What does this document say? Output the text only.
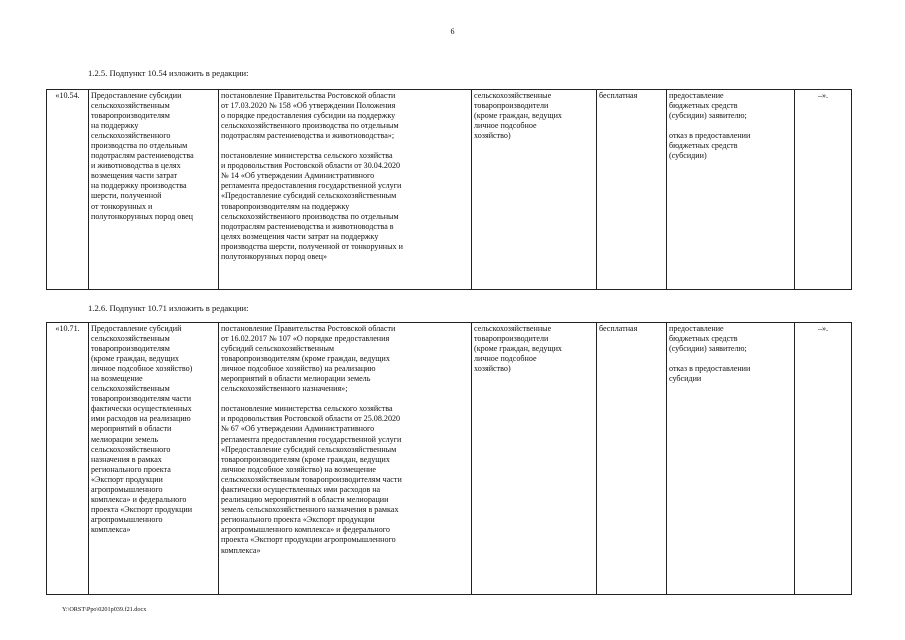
6
1.2.5. Подпункт 10.54 изложить в редакции:
«10.54.	Предоставление субсидии
сельскохозяйственным
товаропроизводителям
на поддержку
сельскохозяйственного
производства по отдельным
подотраслям растениеводства
и животноводства в целях
возмещения части затрат
на поддержку производства
шерсти, полученной
от тонкорунных и
полутонкорунных пород овец	постановление Правительства Ростовской области
от 17.03.2020 № 158 «Об утверждении Положения
о порядке предоставления субсидии на поддержку
сельскохозяйственного производства по отдельным
подотраслям растениеводства и животноводства»;

постановление министерства сельского хозяйства
и продовольствия Ростовской области от 30.04.2020
№ 14 «Об утверждении Административного
регламента предоставления государственной услуги
«Предоставление субсидий сельскохозяйственным
товаропроизводителям на поддержку
сельскохозяйственного производства по отдельным
подотраслям растениеводства и животноводства в
целях возмещения части затрат на поддержку
производства шерсти, полученной от тонкорунных и
полутонкорунных пород овец»	сельскохозяйственные
товаропроизводители
(кроме граждан, ведущих
личное подсобное
хозяйство)	бесплатная	предоставление
бюджетных средств
(субсидии) заявителю;

отказ в предоставлении
бюджетных средств
(субсидии)	–».
1.2.6. Подпункт 10.71 изложить в редакции:
«10.71.	Предоставление субсидий
сельскохозяйственным
товаропроизводителям
(кроме граждан, ведущих
личное подсобное хозяйство)
на возмещение
сельскохозяйственным
товаропроизводителям части
фактически осуществленных
ими расходов на реализацию
мероприятий в области
мелиорации земель
сельскохозяйственного
назначения в рамках
регионального проекта
«Экспорт продукции
агропромышленного
комплекса» и федерального
проекта «Экспорт продукции
агропромышленного
комплекса»	постановление Правительства Ростовской области
от 16.02.2017 № 107 «О порядке предоставления
субсидий сельскохозяйственным
товаропроизводителям (кроме граждан, ведущих
личное подсобное хозяйство) на реализацию
мероприятий в области мелиорации земель
сельскохозяйственного назначения»;

постановление министерства сельского хозяйства
и продовольствия Ростовской области от 25.08.2020
№ 67 «Об утверждении Административного
регламента предоставления государственной услуги
«Предоставление субсидий сельскохозяйственным
товаропроизводителям (кроме граждан, ведущих
личное подсобное хозяйство) на возмещение
сельскохозяйственным товаропроизводителям части
фактически осуществленных ими расходов на
реализацию мероприятий в области мелиорации
земель сельскохозяйственного назначения в рамках
регионального проекта «Экспорт продукции
агропромышленного комплекса» и федерального
проекта «Экспорт продукции агропромышленного
комплекса»	сельскохозяйственные
товаропроизводители
(кроме граждан, ведущих
личное подсобное
хозяйство)	бесплатная	предоставление
бюджетных средств
(субсидии) заявителю;

отказ в предоставлении
субсидии	–».
Y:\ORST\Ppo\0201p039.f21.docx
